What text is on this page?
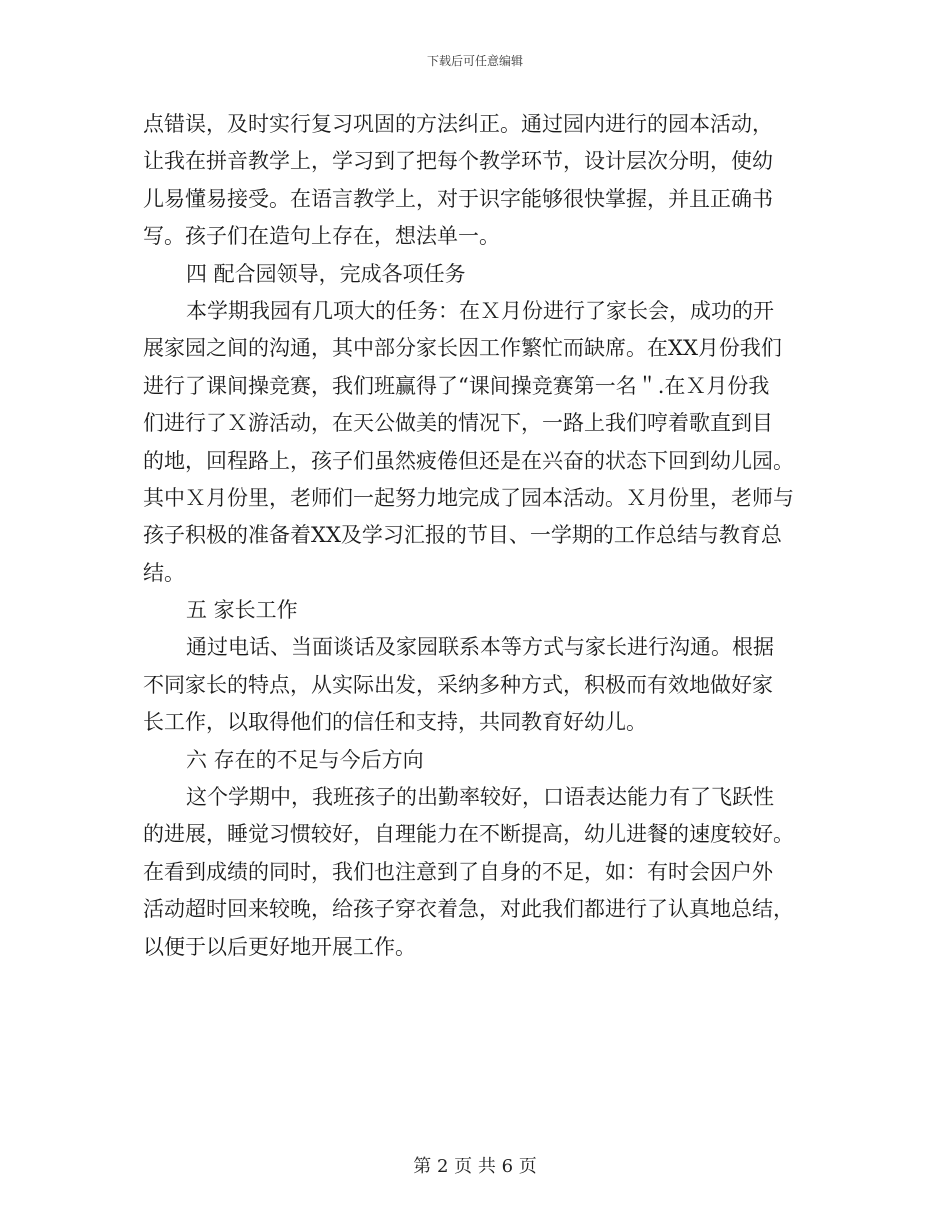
下载后可任意编辑
点错误，及时实行复习巩固的方法纠正。通过园内进行的园本活动，
让我在拼音教学上，学习到了把每个教学环节，设计层次分明，使幼
儿易懂易接受。在语言教学上，对于识字能够很快掌握，并且正确书
写。孩子们在造句上存在，想法单一。
四 配合园领导，完成各项任务
本学期我园有几项大的任务：在Ｘ月份进行了家长会，成功的开
展家园之间的沟通，其中部分家长因工作繁忙而缺席。在XX月份我们
进行了课间操竞赛，我们班赢得了“课间操竞赛第一名＂.在Ｘ月份我
们进行了Ｘ游活动，在天公做美的情况下，一路上我们哼着歌直到目
的地，回程路上，孩子们虽然疲倦但还是在兴奋的状态下回到幼儿园。
其中Ｘ月份里，老师们一起努力地完成了园本活动。Ｘ月份里，老师与
孩子积极的准备着XX及学习汇报的节目、一学期的工作总结与教育总
结。
五 家长工作
通过电话、当面谈话及家园联系本等方式与家长进行沟通。根据
不同家长的特点，从实际出发，采纳多种方式，积极而有效地做好家
长工作，以取得他们的信任和支持，共同教育好幼儿。
六 存在的不足与今后方向
这个学期中，我班孩子的出勤率较好，口语表达能力有了飞跃性
的进展，睡觉习惯较好，自理能力在不断提高，幼儿进餐的速度较好。
在看到成绩的同时，我们也注意到了自身的不足，如：有时会因户外
活动超时回来较晚，给孩子穿衣着急，对此我们都进行了认真地总结，
以便于以后更好地开展工作。
第 2 页 共 6 页
